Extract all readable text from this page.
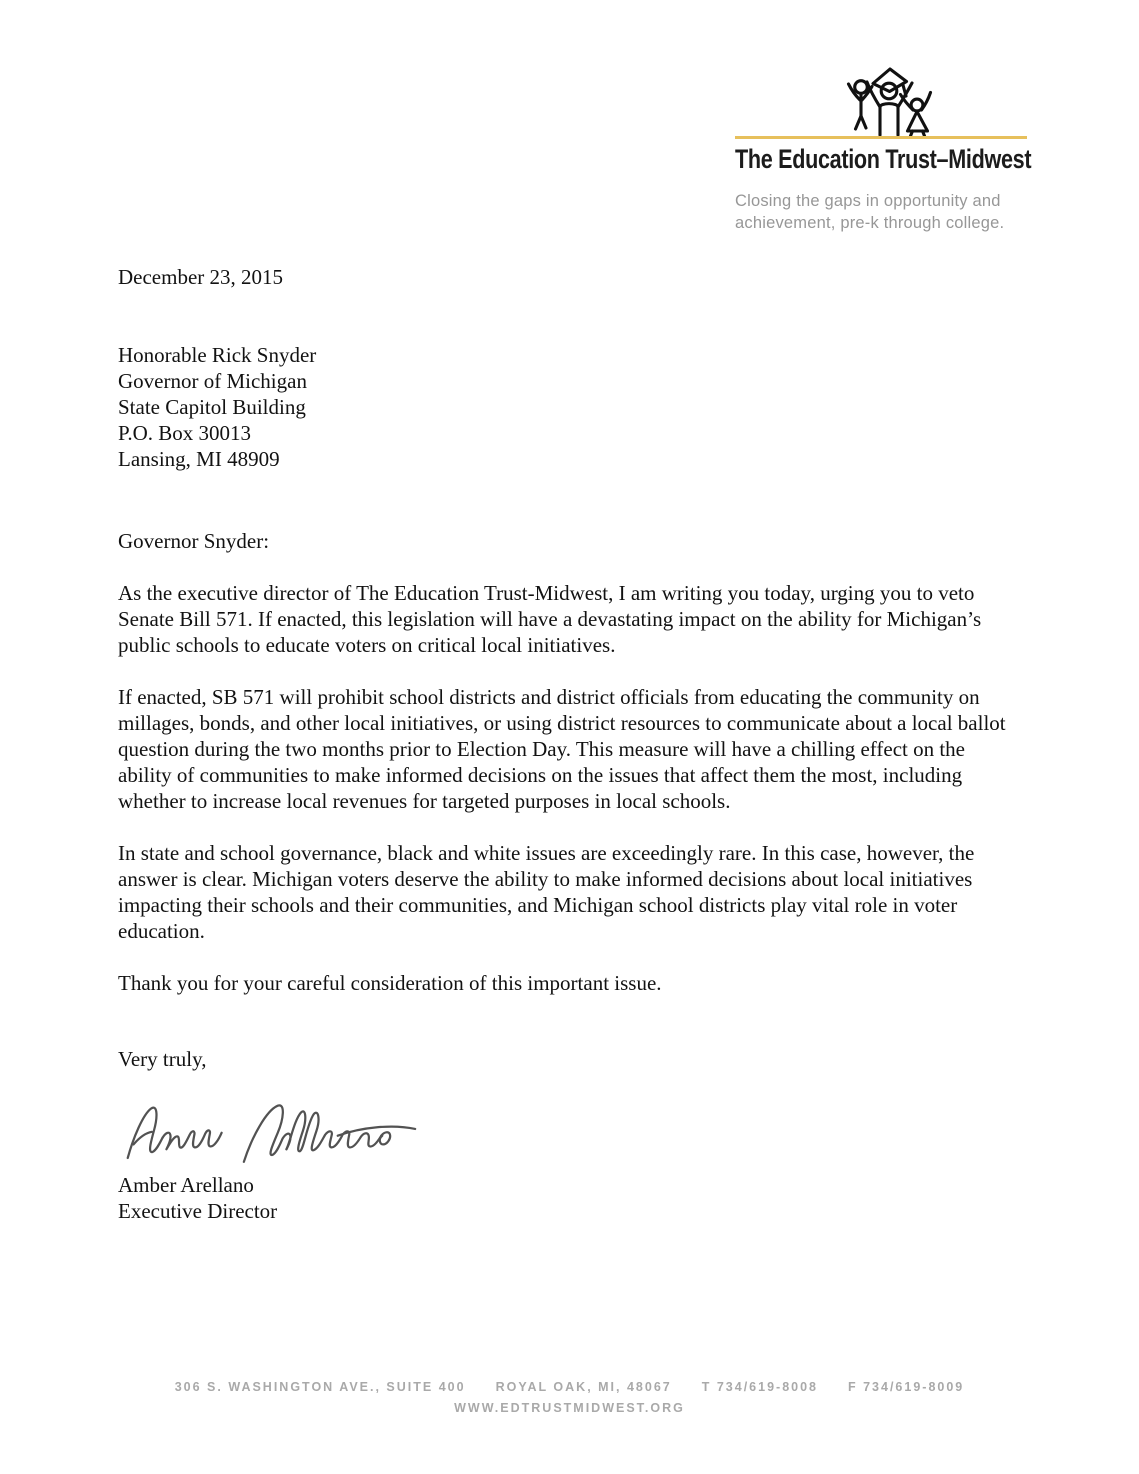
The Education Trust–Midwest
Closing the gaps in opportunity and
achievement, pre-k through college.

December 23, 2015

Honorable Rick Snyder
Governor of Michigan
State Capitol Building
P.O. Box 30013
Lansing, MI 48909

Governor Snyder:

As the executive director of The Education Trust-Midwest, I am writing you today, urging you to veto Senate Bill 571. If enacted, this legislation will have a devastating impact on the ability for Michigan’s public schools to educate voters on critical local initiatives.

If enacted, SB 571 will prohibit school districts and district officials from educating the community on millages, bonds, and other local initiatives, or using district resources to communicate about a local ballot question during the two months prior to Election Day. This measure will have a chilling effect on the ability of communities to make informed decisions on the issues that affect them the most, including whether to increase local revenues for targeted purposes in local schools.

In state and school governance, black and white issues are exceedingly rare. In this case, however, the answer is clear. Michigan voters deserve the ability to make informed decisions about local initiatives impacting their schools and their communities, and Michigan school districts play vital role in voter education.

Thank you for your careful consideration of this important issue.

Very truly,

Amber Arellano

Executive Director

306 S. WASHINGTON AVE., SUITE 400 ROYAL OAK, MI, 48067 T 734/619-8008 F 734/619-8009
WWW.EDTRUSTMIDWEST.ORG
